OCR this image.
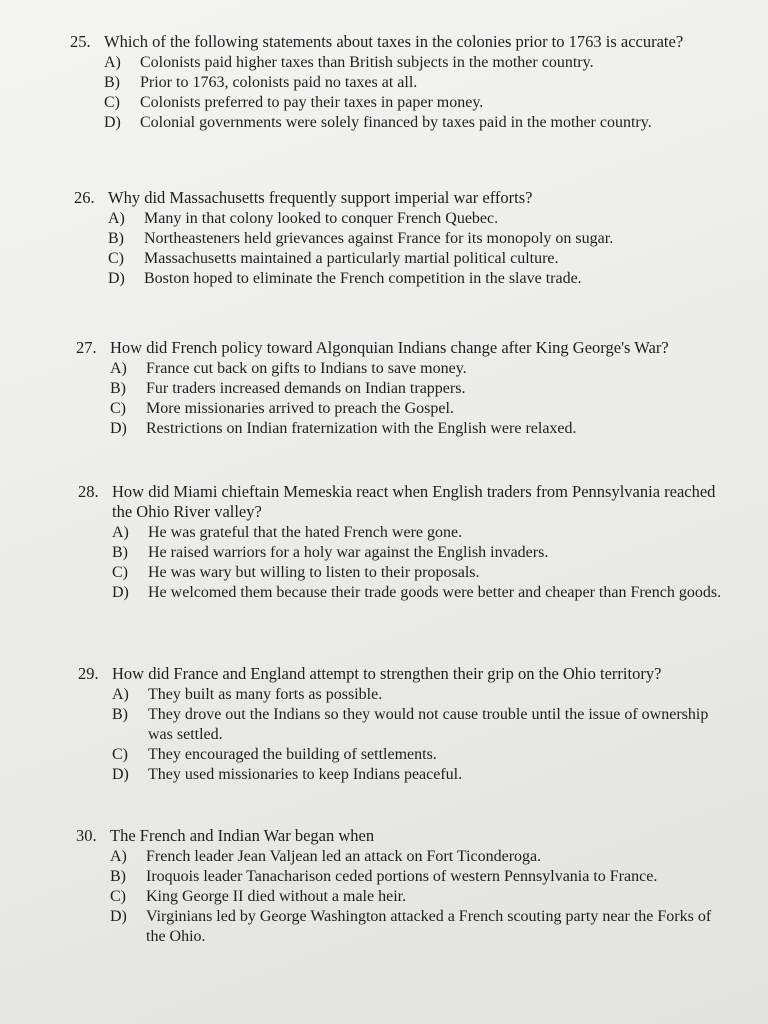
25. Which of the following statements about taxes in the colonies prior to 1763 is accurate?
A)	Colonists paid higher taxes than British subjects in the mother country.
B)	Prior to 1763, colonists paid no taxes at all.
C)	Colonists preferred to pay their taxes in paper money.
D)	Colonial governments were solely financed by taxes paid in the mother country.
26. Why did Massachusetts frequently support imperial war efforts?
A)	Many in that colony looked to conquer French Quebec.
B)	Northeasteners held grievances against France for its monopoly on sugar.
C)	Massachusetts maintained a particularly martial political culture.
D)	Boston hoped to eliminate the French competition in the slave trade.
27. How did French policy toward Algonquian Indians change after King George's War?
A)	France cut back on gifts to Indians to save money.
B)	Fur traders increased demands on Indian trappers.
C)	More missionaries arrived to preach the Gospel.
D)	Restrictions on Indian fraternization with the English were relaxed.
28. How did Miami chieftain Memeskia react when English traders from Pennsylvania reached the Ohio River valley?
A)	He was grateful that the hated French were gone.
B)	He raised warriors for a holy war against the English invaders.
C)	He was wary but willing to listen to their proposals.
D)	He welcomed them because their trade goods were better and cheaper than French goods.
29. How did France and England attempt to strengthen their grip on the Ohio territory?
A)	They built as many forts as possible.
B)	They drove out the Indians so they would not cause trouble until the issue of ownership was settled.
C)	They encouraged the building of settlements.
D)	They used missionaries to keep Indians peaceful.
30. The French and Indian War began when
A)	French leader Jean Valjean led an attack on Fort Ticonderoga.
B)	Iroquois leader Tanacharison ceded portions of western Pennsylvania to France.
C)	King George II died without a male heir.
D)	Virginians led by George Washington attacked a French scouting party near the Forks of the Ohio.
